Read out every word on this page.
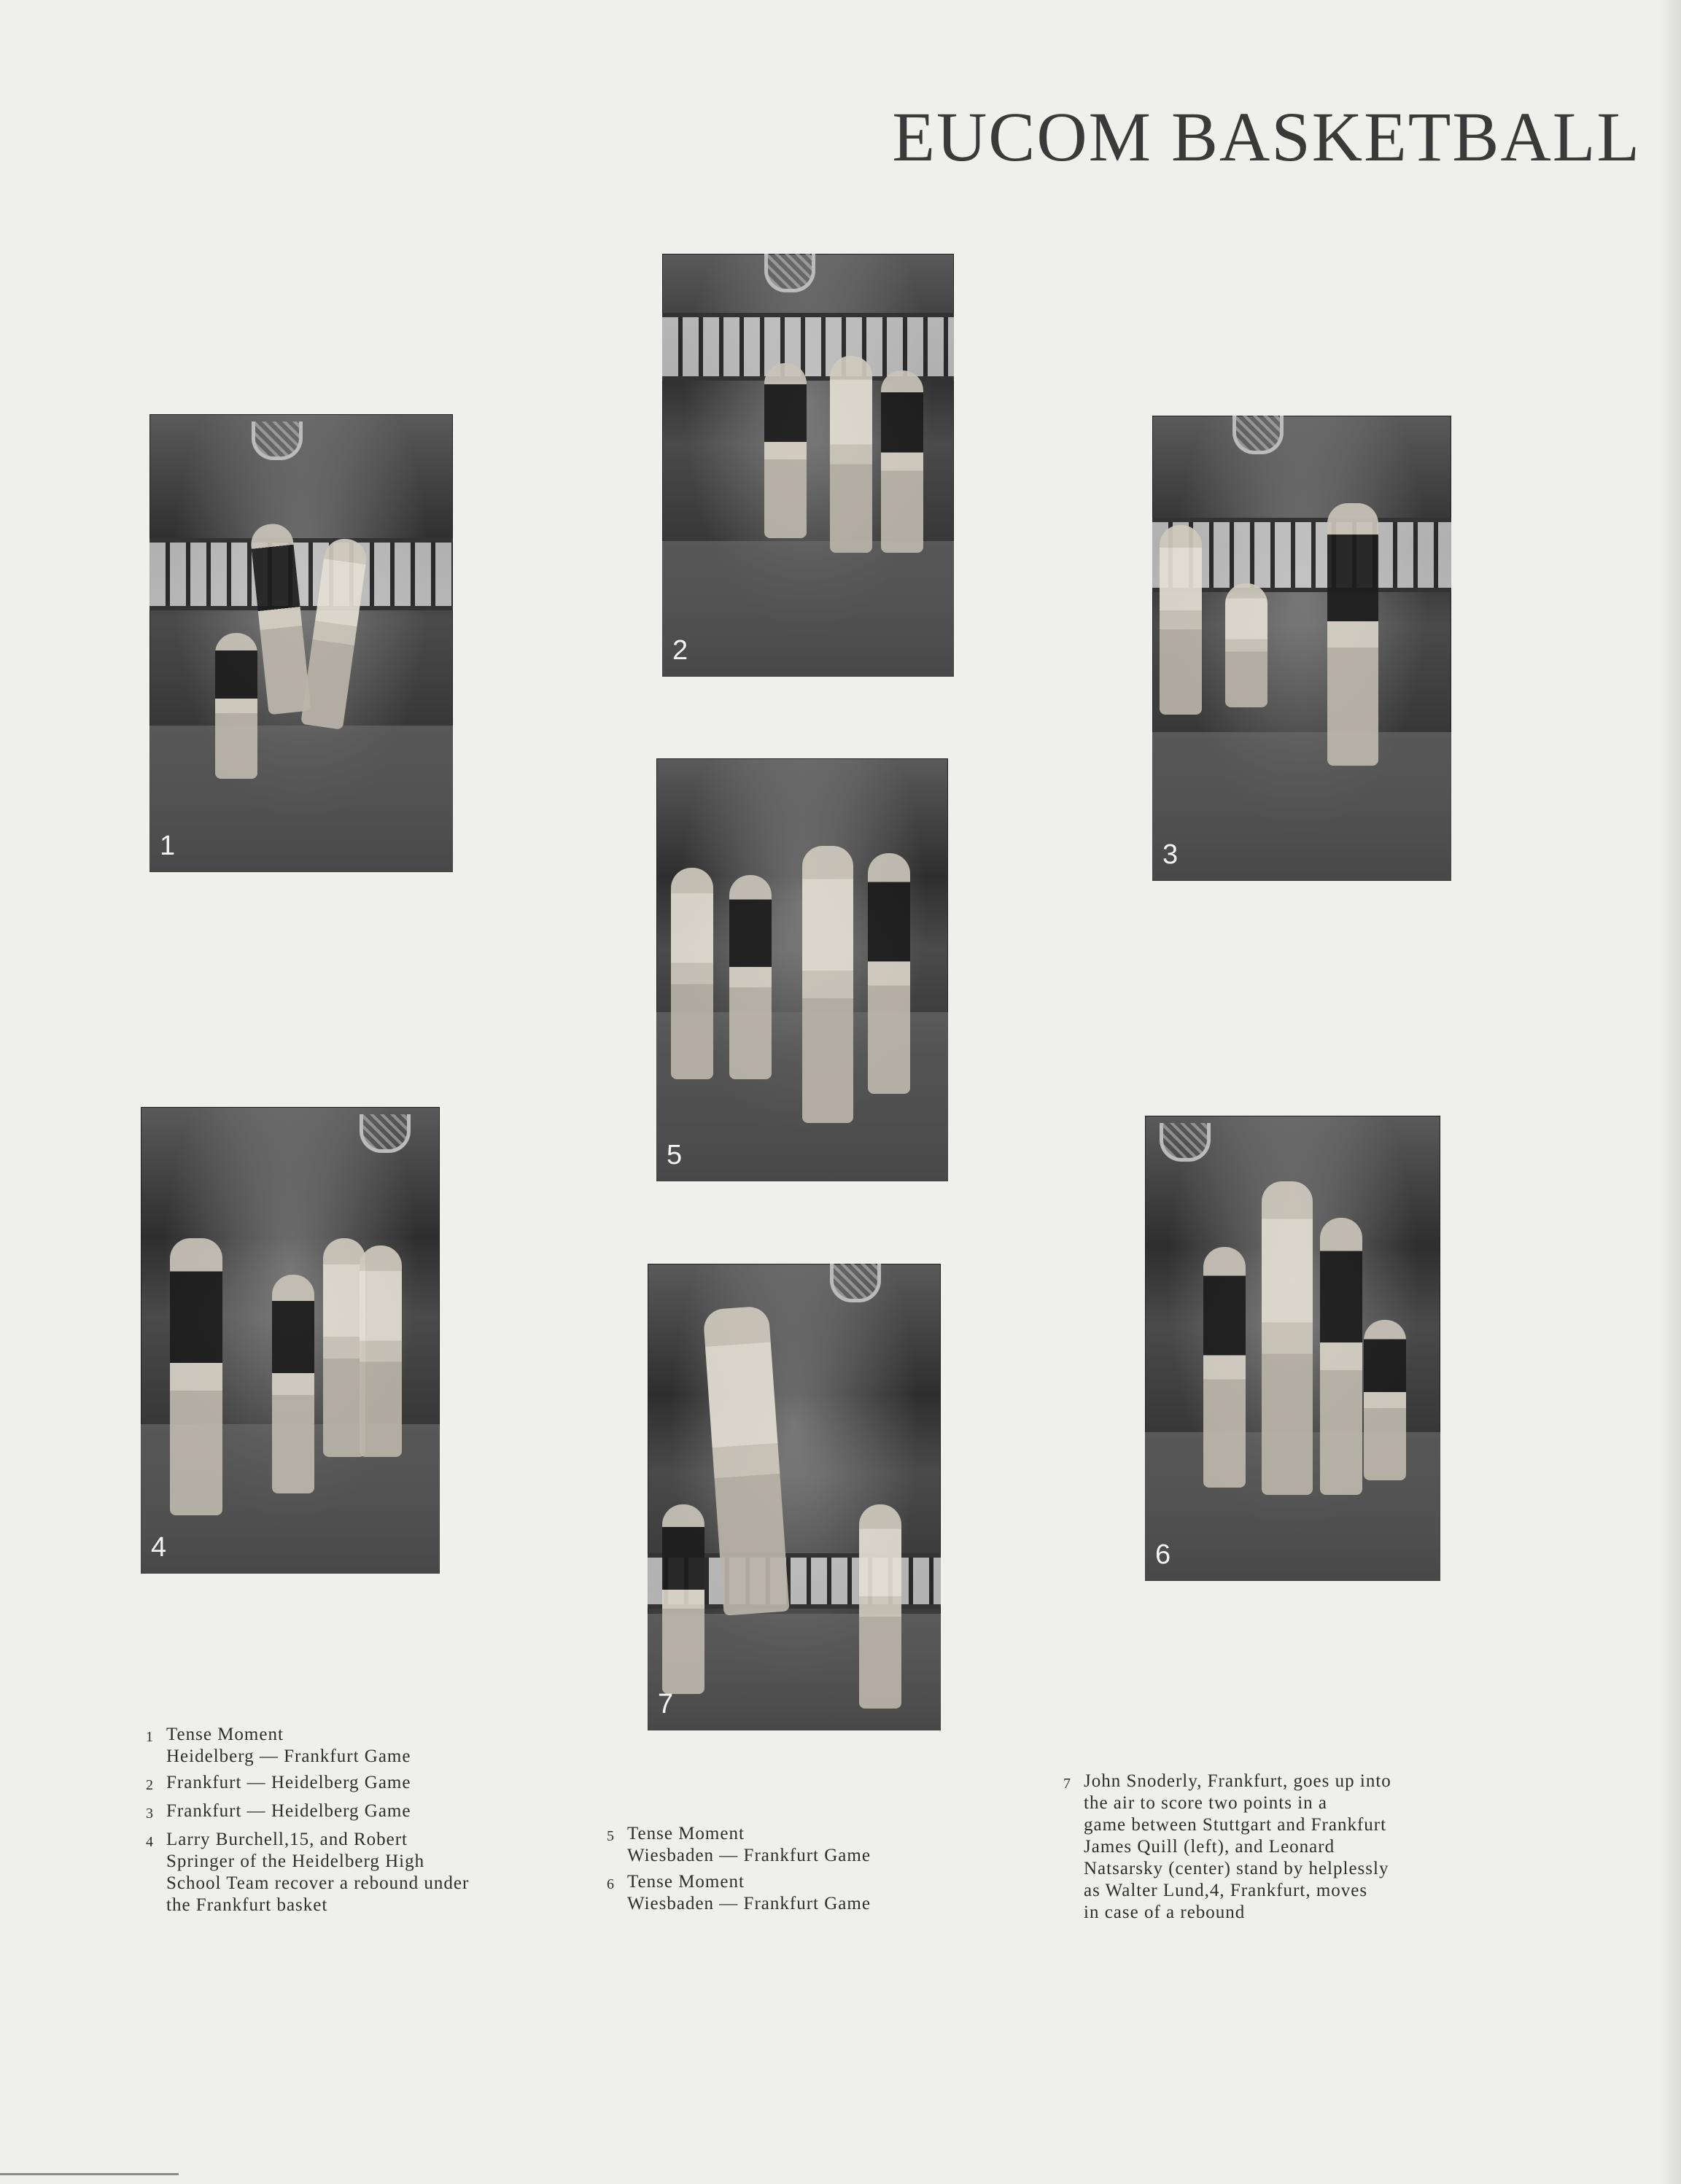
EUCOM BASKETBALL
1
2
3
5
4
7
6
1 Tense Moment
Heidelberg — Frankfurt Game
2 Frankfurt — Heidelberg Game
3 Frankfurt — Heidelberg Game
4 Larry Burchell,15, and Robert
Springer of the Heidelberg High
School Team recover a rebound under
the Frankfurt basket
5 Tense Moment
Wiesbaden — Frankfurt Game
6 Tense Moment
Wiesbaden — Frankfurt Game
7 John Snoderly, Frankfurt, goes up into
the air to score two points in a
game between Stuttgart and Frankfurt
James Quill (left), and Leonard
Natsarsky (center) stand by helplessly
as Walter Lund,4, Frankfurt, moves
in case of a rebound
